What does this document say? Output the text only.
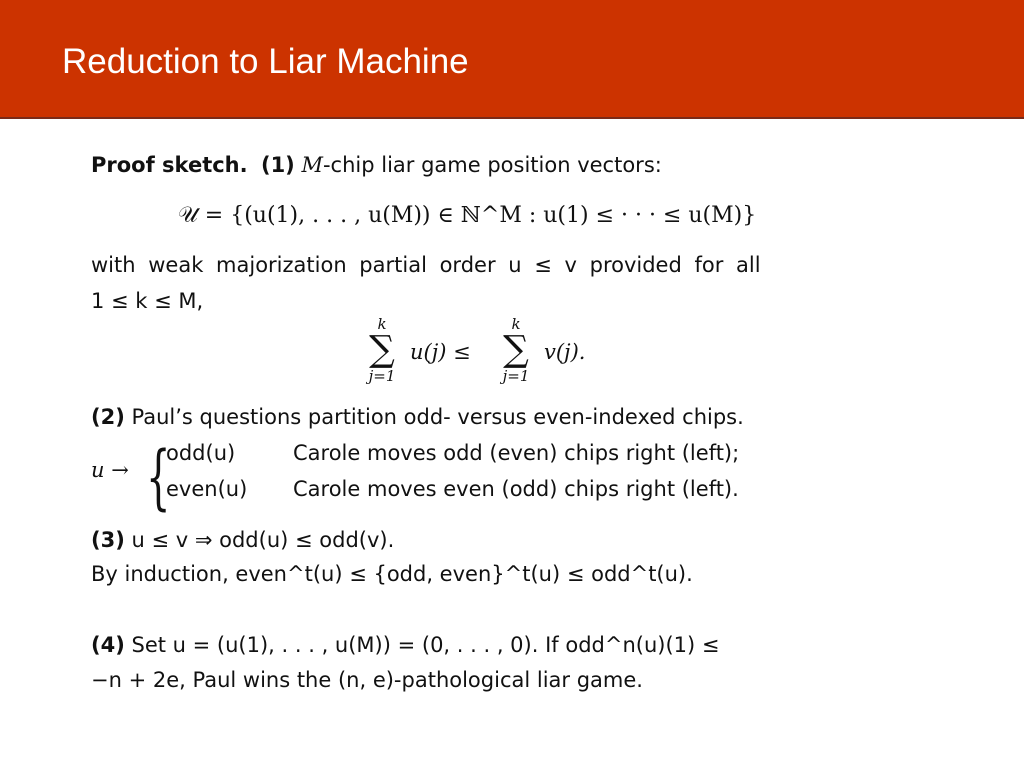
Reduction to Liar Machine
Proof sketch. (1) M-chip liar game position vectors:
𝒰 = {(u(1), . . . , u(M)) ∈ ℕ^M : u(1) ≤ · · · ≤ u(M)}
with weak majorization partial order u ≤ v provided for all
1 ≤ k ≤ M,
k
∑
j=1
u(j) ≤
k
∑
j=1
v(j).
(2) Paul’s questions partition odd- versus even-indexed chips.
u → {
odd(u)	Carole moves odd (even) chips right (left);
even(u) Carole moves even (odd) chips right (left).
(3) u ≤ v ⇒ odd(u) ≤ odd(v).
By induction, even^t(u) ≤ {odd, even}^t(u) ≤ odd^t(u).
(4) Set u = (u(1), . . . , u(M)) = (0, . . . , 0). If odd^n(u)(1) ≤
−n + 2e, Paul wins the (n, e)-pathological liar game.
